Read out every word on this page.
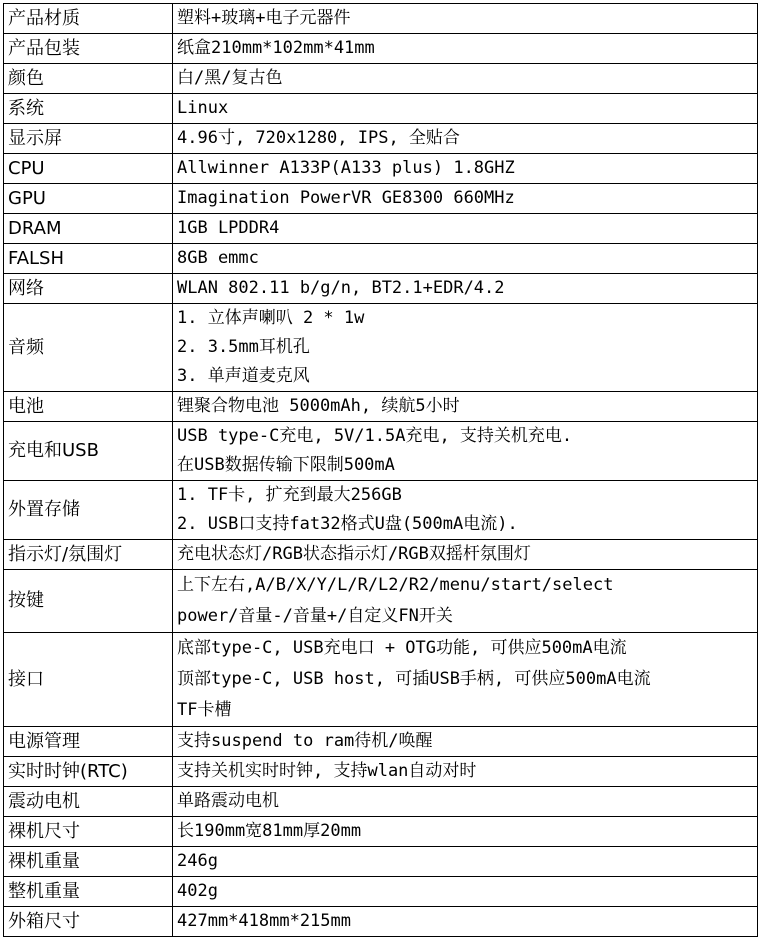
产品材质	塑料+玻璃+电子元器件

产品包装	纸盒210mm*102mm*41mm

颜色	白/黑/复古色

系统	Linux

显示屏	4.96寸, 720x1280, IPS, 全贴合

CPU	Allwinner A133P(A133 plus) 1.8GHZ

GPU	Imagination PowerVR GE8300 660MHz

DRAM	1GB LPDDR4

FALSH	8GB emmc

网络	WLAN 802.11 b/g/n, BT2.1+EDR/4.2

音频	1. 立体声喇叭 2 * 1w
2. 3.5mm耳机孔
3. 单声道麦克风

电池	锂聚合物电池 5000mAh, 续航5小时

充电和USB	USB type-C充电, 5V/1.5A充电, 支持关机充电.
在USB数据传输下限制500mA

外置存储	1. TF卡, 扩充到最大256GB
2. USB口支持fat32格式U盘(500mA电流).

指示灯/氛围灯	充电状态灯/RGB状态指示灯/RGB双摇杆氛围灯

按键	上下左右,A/B/X/Y/L/R/L2/R2/menu/start/select
power/音量-/音量+/自定义FN开关

接口	底部type-C, USB充电口 + OTG功能, 可供应500mA电流
顶部type-C, USB host, 可插USB手柄, 可供应500mA电流
TF卡槽

电源管理	支持suspend to ram待机/唤醒

实时时钟(RTC)	支持关机实时时钟, 支持wlan自动对时

震动电机	单路震动电机

裸机尺寸	长190mm宽81mm厚20mm

裸机重量	246g

整机重量	402g

外箱尺寸	427mm*418mm*215mm
